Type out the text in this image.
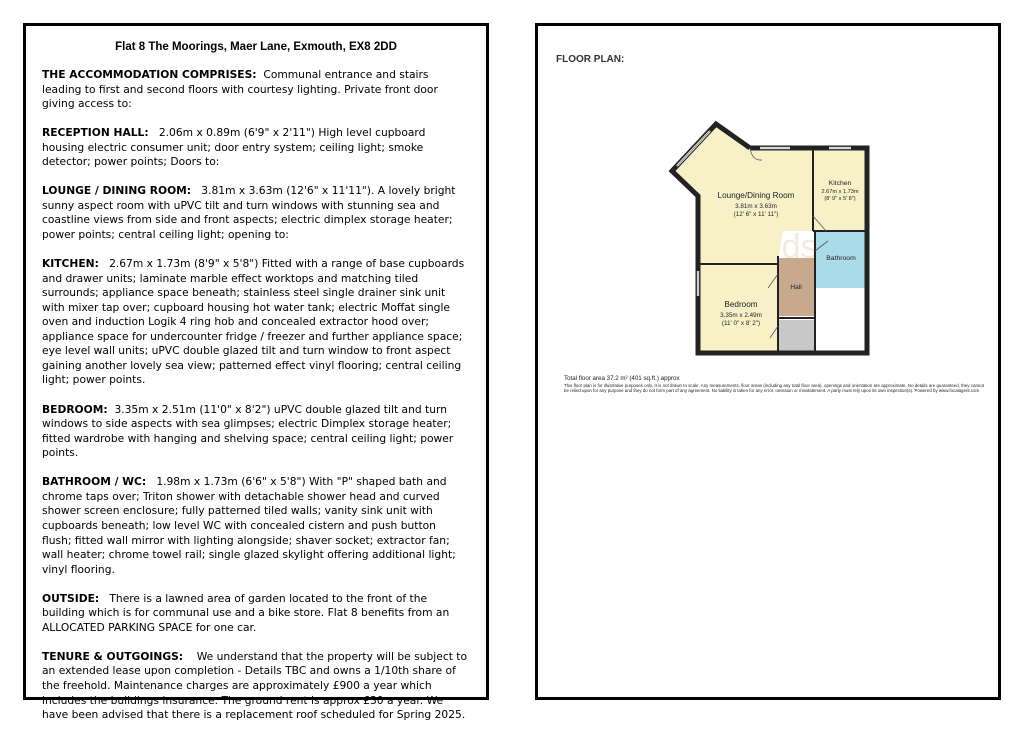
Flat 8 The Moorings, Maer Lane, Exmouth, EX8 2DD

THE ACCOMMODATION COMPRISES: Communal entrance and stairs leading to first and second floors with courtesy lighting. Private front door giving access to:

RECEPTION HALL: 2.06m x 0.89m (6'9" x 2'11") High level cupboard housing electric consumer unit; door entry system; ceiling light; smoke detector; power points; Doors to:

LOUNGE / DINING ROOM: 3.81m x 3.63m (12'6" x 11'11"). A lovely bright sunny aspect room with uPVC tilt and turn windows with stunning sea and coastline views from side and front aspects; electric dimplex storage heater; power points; central ceiling light; opening to:

KITCHEN: 2.67m x 1.73m (8'9" x 5'8") Fitted with a range of base cupboards and drawer units; laminate marble effect worktops and matching tiled surrounds; appliance space beneath; stainless steel single drainer sink unit with mixer tap over; cupboard housing hot water tank; electric Moffat single oven and induction Logik 4 ring hob and concealed extractor hood over; appliance space for undercounter fridge / freezer and further appliance space; eye level wall units; uPVC double glazed tilt and turn window to front aspect gaining another lovely sea view; patterned effect vinyl flooring; central ceiling light; power points.

BEDROOM: 3.35m x 2.51m (11'0" x 8'2") uPVC double glazed tilt and turn windows to side aspects with sea glimpses; electric Dimplex storage heater; fitted wardrobe with hanging and shelving space; central ceiling light; power points.

BATHROOM / WC: 1.98m x 1.73m (6'6" x 5'8") With "P" shaped bath and chrome taps over; Triton shower with detachable shower head and curved shower screen enclosure; fully patterned tiled walls; vanity sink unit with cupboards beneath; low level WC with concealed cistern and push button flush; fitted wall mirror with lighting alongside; shaver socket; extractor fan; wall heater; chrome towel rail; single glazed skylight offering additional light; vinyl flooring.

OUTSIDE: There is a lawned area of garden located to the front of the building which is for communal use and a bike store. Flat 8 benefits from an ALLOCATED PARKING SPACE for one car.

TENURE & OUTGOINGS: We understand that the property will be subject to an extended lease upon completion - Details TBC and owns a 1/10th share of the freehold. Maintenance charges are approximately £900 a year which includes the buildings insurance. The ground rent is approx £30 a year. We have been advised that there is a replacement roof scheduled for Spring 2025.

FLOOR PLAN:
Lounge/Dining Room
3.81m x 3.63m
(12' 6" x 11' 11")
Kitchen
2.67m x 1.73m
(8' 9" x 5' 8")
Bathroom
Hall
Bedroom
3.35m x 2.49m
(11' 0" x 8' 2")
Total floor area 37.2 m² (401 sq.ft.) approx
This floor plan is for illustrative purposes only. It is not drawn to scale. Any measurements, floor areas (including any total floor area), openings and orientation are approximate. No details are guaranteed, they cannot be relied upon for any purpose and they do not form part of any agreement. No liability is taken for any error, omission or misstatement. A party must rely upon its own inspection(s). Powered by www.focalagent.com
